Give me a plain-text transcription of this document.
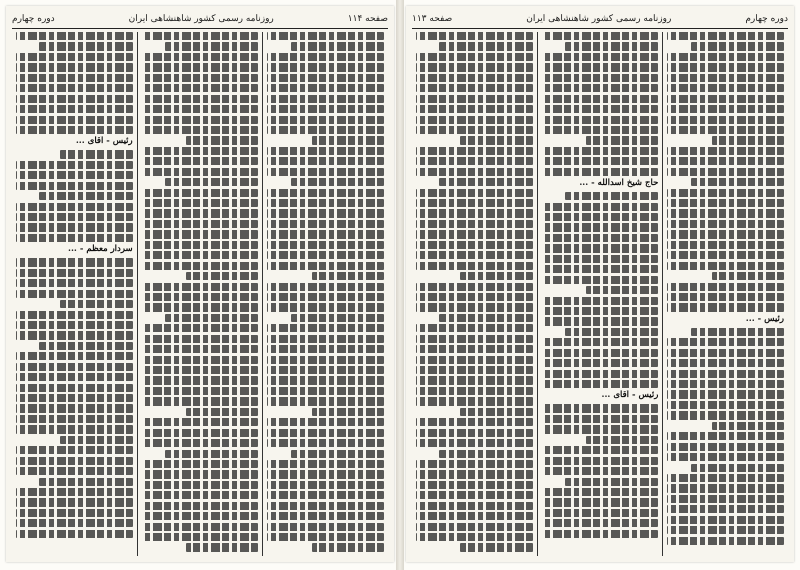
صفحه ۱۱۴
روزنامه رسمی کشور شاهنشاهی ایران
دوره چهارم
رئیس - آقای ...
سردار معظم - ...
دوره چهارم
روزنامه رسمی کشور شاهنشاهی ایران
صفحه ۱۱۳
رئیس - ...
حاج شیخ اسدالله - ...
رئیس - آقای ...
